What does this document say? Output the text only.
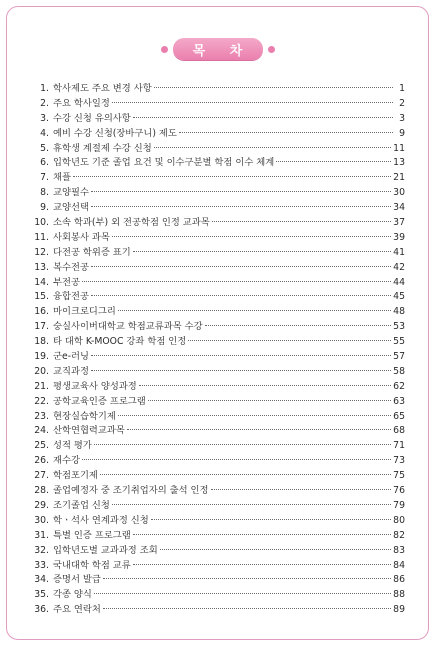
목 차
1. 학사제도 주요 변경 사항	1
2. 주요 학사일정	2
3. 수강 신청 유의사항	3
4. 예비 수강 신청(장바구니) 제도	9
5. 휴학생 계절제 수강 신청	11
6. 입학년도 기준 졸업 요건 및 이수구분별 학점 이수 체계	13
7. 채플	21
8. 교양필수	30
9. 교양선택	34
10. 소속 학과(부) 외 전공학점 인정 교과목	37
11. 사회봉사 과목	39
12. 다전공 학위증 표기	41
13. 복수전공	42
14. 부전공	44
15. 융합전공	45
16. 마이크로디그리	48
17. 숭실사이버대학교 학점교류과목 수강	53
18. 타 대학 K-MOOC 강좌 학점 인정	55
19. 군e-러닝	57
20. 교직과정	58
21. 평생교육사 양성과정	62
22. 공학교육인증 프로그램	63
23. 현장실습학기제	65
24. 산학연협력교과목	68
25. 성적 평가	71
26. 재수강	73
27. 학점포기제	75
28. 졸업예정자 중 조기취업자의 출석 인정	76
29. 조기졸업 신청	79
30. 학ㆍ석사 연계과정 신청	80
31. 특별 인증 프로그램	82
32. 입학년도별 교과과정 조회	83
33. 국내대학 학점 교류	84
34. 증명서 발급	86
35. 각종 양식	88
36. 주요 연락처	89
